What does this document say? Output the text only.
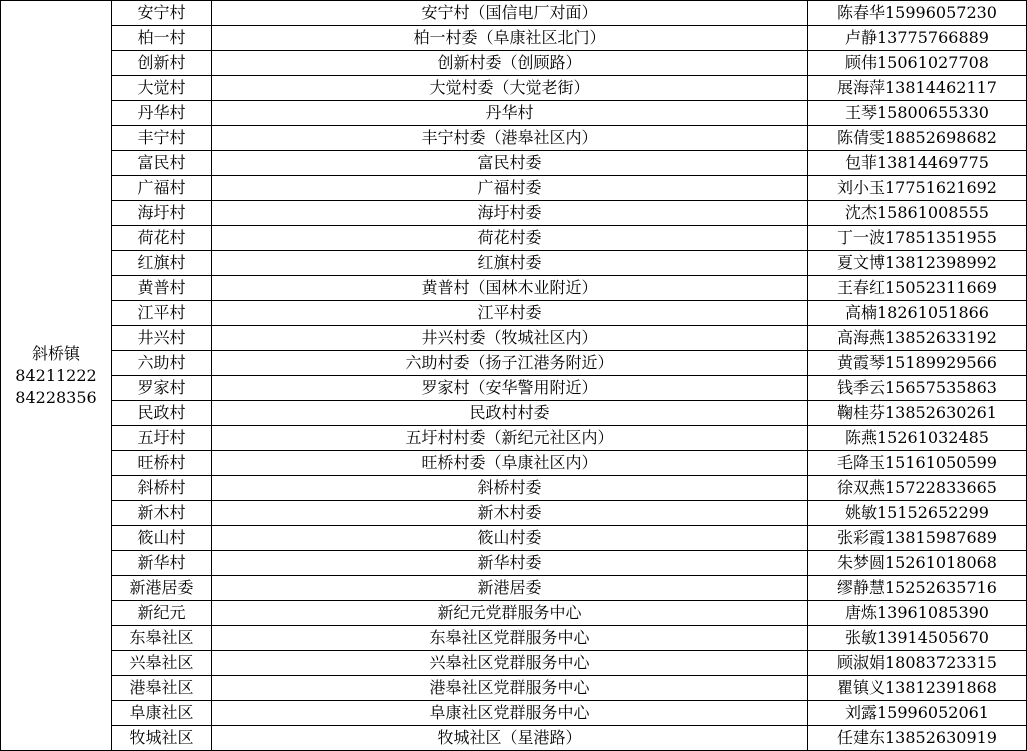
斜桥镇
84211222
84228356	安宁村	安宁村（国信电厂对面）	陈春华15996057230
	柏一村	柏一村委（阜康社区北门）	卢静13775766889
	创新村	创新村委（创顾路）	顾伟15061027708
	大觉村	大觉村委（大觉老街）	展海萍13814462117
	丹华村	丹华村	王琴15800655330
	丰宁村	丰宁村委（港皋社区内）	陈倩雯18852698682
	富民村	富民村委	包菲13814469775
	广福村	广福村委	刘小玉17751621692
	海圩村	海圩村委	沈杰15861008555
	荷花村	荷花村委	丁一波17851351955
	红旗村	红旗村委	夏文博13812398992
	黄普村	黄普村（国林木业附近）	王春红15052311669
	江平村	江平村委	高楠18261051866
	井兴村	井兴村委（牧城社区内）	高海燕13852633192
	六助村	六助村委（扬子江港务附近）	黄霞琴15189929566
	罗家村	罗家村（安华警用附近）	钱季云15657535863
	民政村	民政村村委	鞠桂芬13852630261
	五圩村	五圩村村委（新纪元社区内）	陈燕15261032485
	旺桥村	旺桥村委（阜康社区内）	毛降玉15161050599
	斜桥村	斜桥村委	徐双燕15722833665
	新木村	新木村委	姚敏15152652299
	筱山村	筱山村委	张彩霞13815987689
	新华村	新华村委	朱梦圆15261018068
	新港居委	新港居委	缪静慧15252635716
	新纪元	新纪元党群服务中心	唐炼13961085390
	东皋社区	东皋社区党群服务中心	张敏13914505670
	兴皋社区	兴皋社区党群服务中心	顾淑娟18083723315
	港皋社区	港皋社区党群服务中心	瞿镇义13812391868
	阜康社区	阜康社区党群服务中心	刘露15996052061
	牧城社区	牧城社区（星港路）	任建东13852630919
